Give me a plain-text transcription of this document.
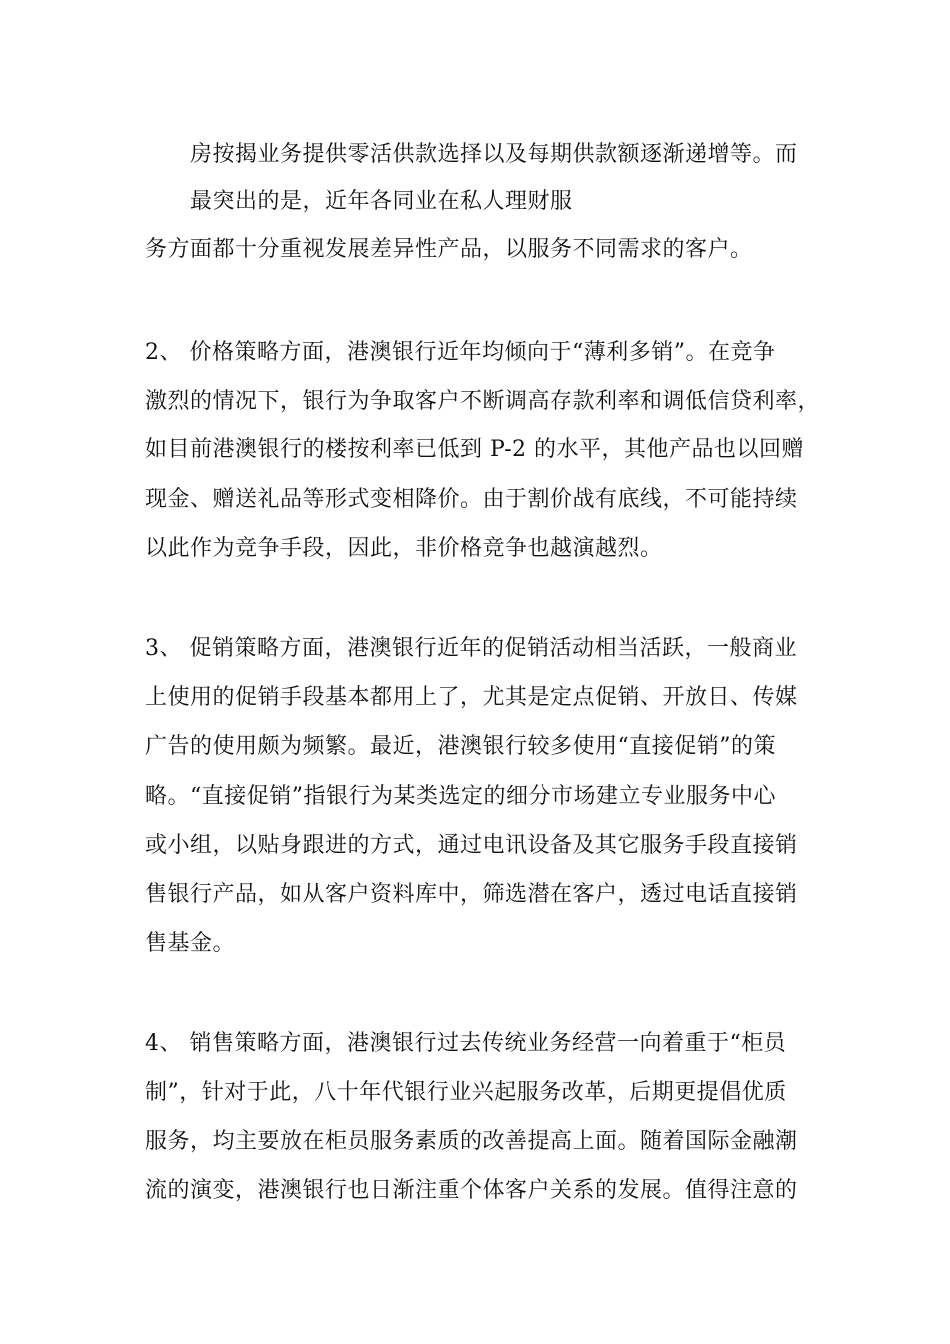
房按揭业务提供零活供款选择以及每期供款额逐渐递增等。而
最突出的是，近年各同业在私人理财服
务方面都十分重视发展差异性产品，以服务不同需求的客户。
2、 价格策略方面，港澳银行近年均倾向于“薄利多销”。在竞争
激烈的情况下，银行为争取客户不断调高存款利率和调低信贷利率，
如目前港澳银行的楼按利率已低到 P-2 的水平，其他产品也以回赠
现金、赠送礼品等形式变相降价。由于割价战有底线，不可能持续
以此作为竞争手段，因此，非价格竞争也越演越烈。
3、 促销策略方面，港澳银行近年的促销活动相当活跃，一般商业
上使用的促销手段基本都用上了，尤其是定点促销、开放日、传媒
广告的使用颇为频繁。最近，港澳银行较多使用“直接促销”的策
略。“直接促销”指银行为某类选定的细分市场建立专业服务中心
或小组，以贴身跟进的方式，通过电讯设备及其它服务手段直接销
售银行产品，如从客户资料库中，筛选潜在客户，透过电话直接销
售基金。
4、 销售策略方面，港澳银行过去传统业务经营一向着重于“柜员
制”，针对于此，八十年代银行业兴起服务改革，后期更提倡优质
服务，均主要放在柜员服务素质的改善提高上面。随着国际金融潮
流的演变，港澳银行也日渐注重个体客户关系的发展。值得注意的
